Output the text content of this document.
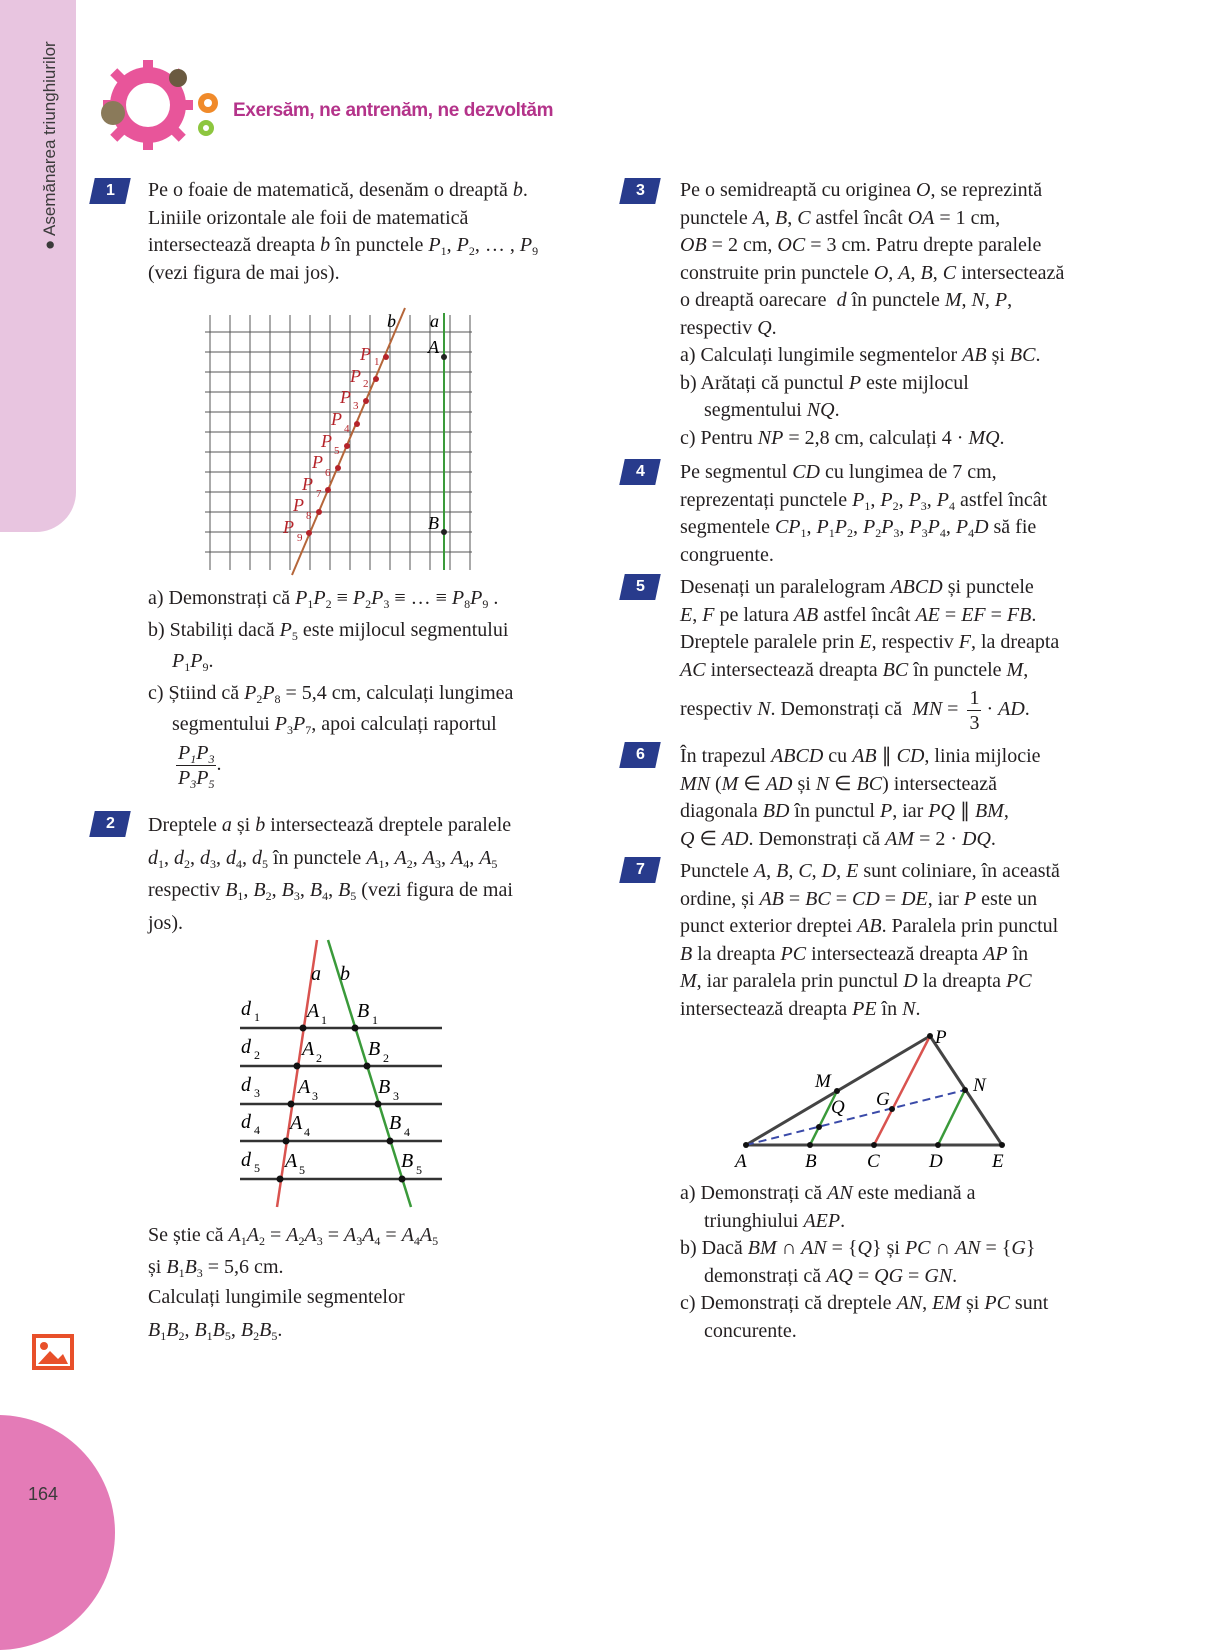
● Asemănarea triunghiurilor
164
Exersăm, ne antrenăm, ne dezvoltăm
1
2
3
4
5
6
7

Pe o foaie de matematică, desenăm o dreaptă b.

Liniile orizontale ale foii de matematică

intersectează dreapta b în punctele $P_1$, $P_2$, … , $P_9$

(vezi figura de mai jos).

b a
A
B
P
P
P
P
P
P
P
P
P
1
2
3
4
5
6
7
8
9

a) Demonstrați că $P_1P_2 \equiv P_2P_3$ ≡ … ≡ $P_8P_9$ .

b) Stabiliți dacă $P_5$ este mijlocul segmentului

$P_1P_9$.

c) Știind că $P_2P_8 = 5,4$ cm, calculați lungimea

segmentului $P_3P_7$, apoi calculați raportul

$\frac{P_1P_3}{P_3P_5}$ .

Dreptele a și b intersectează dreptele paralele

$d_1$, $d_2$, $d_3$, $d_4$, $d_5$ în punctele $A_1$, $A_2$, $A_3$, $A_4$, $A_5$

respectiv $B_1$, $B_2$, $B_3$, $B_4$, $B_5$ (vezi figura de mai

jos).

a b
d
d
d
d
d
A
A
A
A
A
B
B
B
B
B
1
2
3
4
5
1
2
3
4
5
1
2
3
4
5

Se știe că $A_1A_2 = A_2A_3 = A_3A_4 = A_4A_5$

și $B_1B_3 = 5,6$ cm.

Calculați lungimile segmentelor

$B_1B_2$, $B_1B_5$, $B_2B_5$.

Pe o semidreaptă cu originea O, se reprezintă

punctele A, B, C astfel încât OA = 1 cm,

OB = 2 cm, OC = 3 cm. Patru drepte paralele

construite prin punctele O, A, B, C intersectează

o dreaptă oarecare d în punctele M, N, P,

respectiv Q.

a) Calculați lungimile segmentelor AB și BC.

b) Arătați că punctul P este mijlocul

segmentului NQ.

c) Pentru NP = 2,8 cm, calculați 4 · MQ.

Pe segmentul CD cu lungimea de 7 cm,

reprezentați punctele $P_1$, $P_2$, $P_3$, $P_4$ astfel încât

segmentele $CP_1$, $P_1P_2$, $P_2P_3$, $P_3P_4$, $P_4D$ să fie

congruente.

Desenați un paralelogram ABCD și punctele

E, F pe latura AB astfel încât AE = EF = FB.

Dreptele paralele prin E, respectiv F, la dreapta

AC intersectează dreapta BC în punctele M,

respectiv N. Demonstrați că MN = $\frac{1}{3}$ · AD.

În trapezul ABCD cu AB ∥ CD, linia mijlocie

MN (M ∈ AD și N ∈ BC) intersectează

diagonala BD în punctul P, iar PQ ∥ BM,

Q ∈ AD. Demonstrați că AM = 2 · DQ.

Punctele A, B, C, D, E sunt coliniare, în această

ordine, și AB = BC = CD = DE, iar P este un

punct exterior dreptei AB. Paralela prin punctul

B la dreapta PC intersectează dreapta AP în

M, iar paralela prin punctul D la dreapta PC

intersectează dreapta PE în N.

P
M	N
Q G
A	B	C	D	E

a) Demonstrați că AN este mediană a

triunghiului AEP.

b) Dacă BM ∩ AN = {Q} și PC ∩ AN = {G}

demonstrați că AQ = QG = GN.

c) Demonstrați că dreptele AN, EM și PC sunt

concurente.
